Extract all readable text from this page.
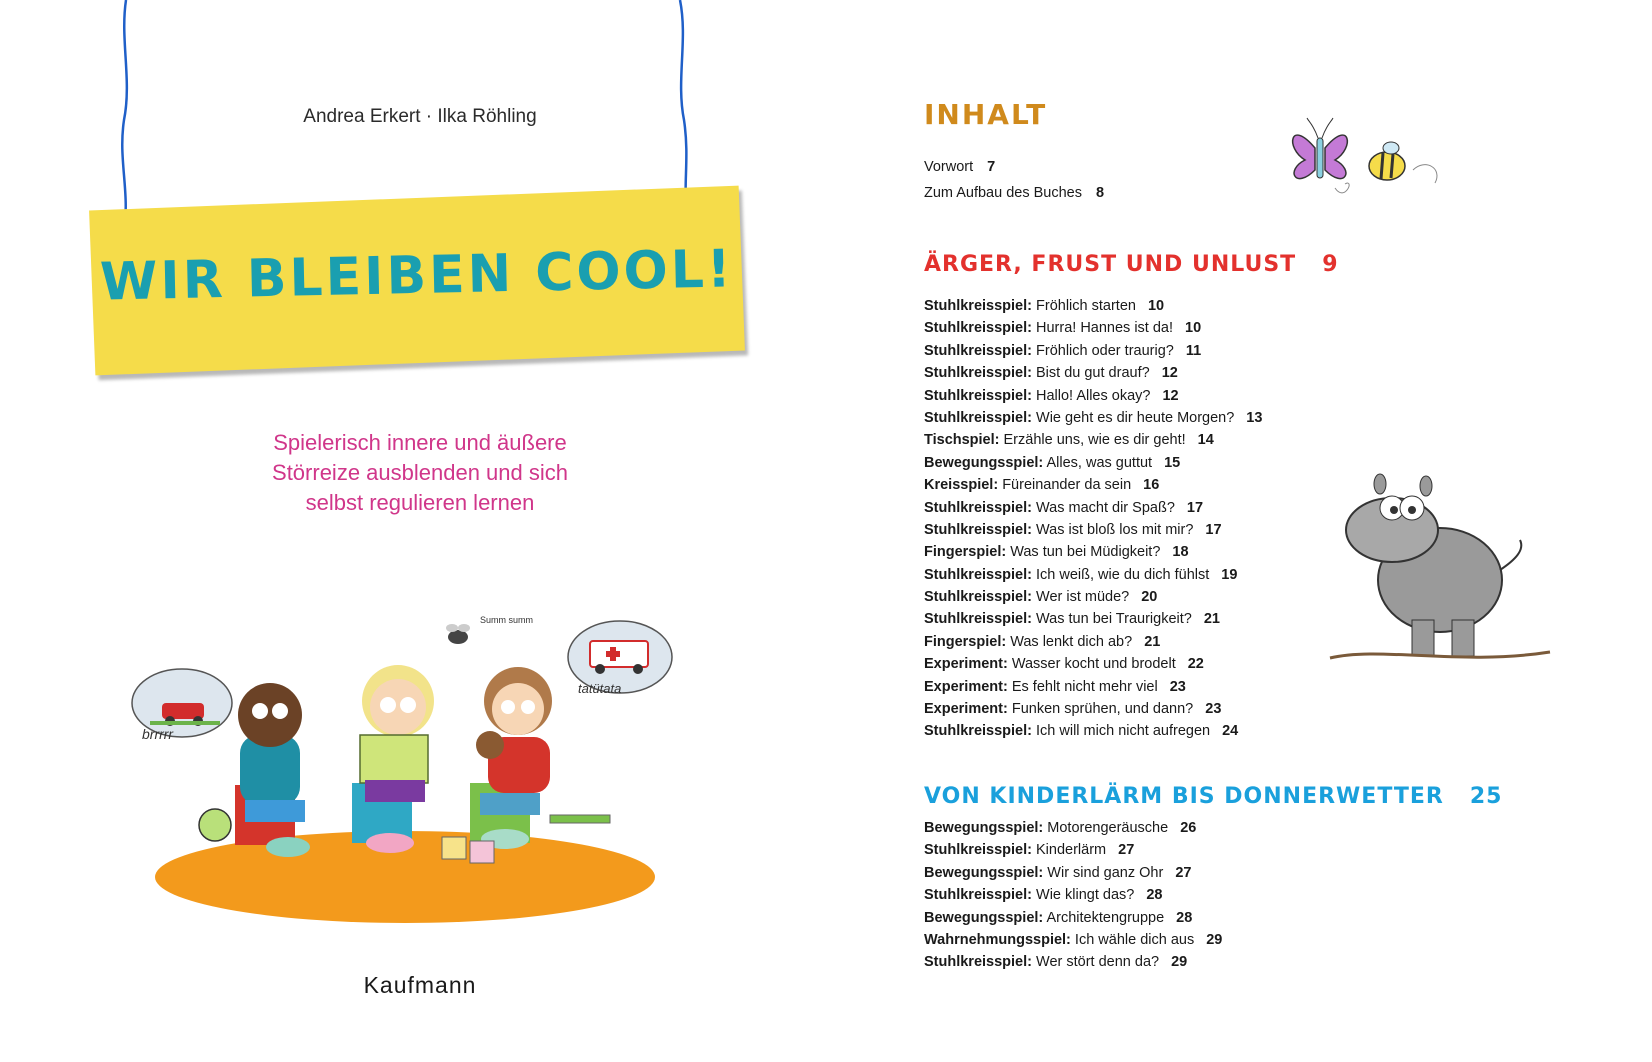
Andrea Erkert · Ilka Röhling
WIR BLEIBEN COOL!
Spielerisch innere und äußere
Störreize ausblenden und sich
selbst regulieren lernen
Summ summ
brrrrr
tatütata
Kaufmann
INHALT
Vorwort 7
Zum Aufbau des Buches 8
ÄRGER, FRUST UND UNLUST 9
Stuhlkreisspiel: Fröhlich starten 10
Stuhlkreisspiel: Hurra! Hannes ist da! 10
Stuhlkreisspiel: Fröhlich oder traurig? 11
Stuhlkreisspiel: Bist du gut drauf? 12
Stuhlkreisspiel: Hallo! Alles okay? 12
Stuhlkreisspiel: Wie geht es dir heute Morgen? 13
Tischspiel: Erzähle uns, wie es dir geht! 14
Bewegungsspiel: Alles, was guttut 15
Kreisspiel: Füreinander da sein 16
Stuhlkreisspiel: Was macht dir Spaß? 17
Stuhlkreisspiel: Was ist bloß los mit mir? 17
Fingerspiel: Was tun bei Müdigkeit? 18
Stuhlkreisspiel: Ich weiß, wie du dich fühlst 19
Stuhlkreisspiel: Wer ist müde? 20
Stuhlkreisspiel: Was tun bei Traurigkeit? 21
Fingerspiel: Was lenkt dich ab? 21
Experiment: Wasser kocht und brodelt 22
Experiment: Es fehlt nicht mehr viel 23
Experiment: Funken sprühen, und dann? 23
Stuhlkreisspiel: Ich will mich nicht aufregen 24
VON KINDERLÄRM BIS DONNERWETTER 25
Bewegungsspiel: Motorengeräusche 26
Stuhlkreisspiel: Kinderlärm 27
Bewegungsspiel: Wir sind ganz Ohr 27
Stuhlkreisspiel: Wie klingt das? 28
Bewegungsspiel: Architektengruppe 28
Wahrnehmungsspiel: Ich wähle dich aus 29
Stuhlkreisspiel: Wer stört denn da? 29
